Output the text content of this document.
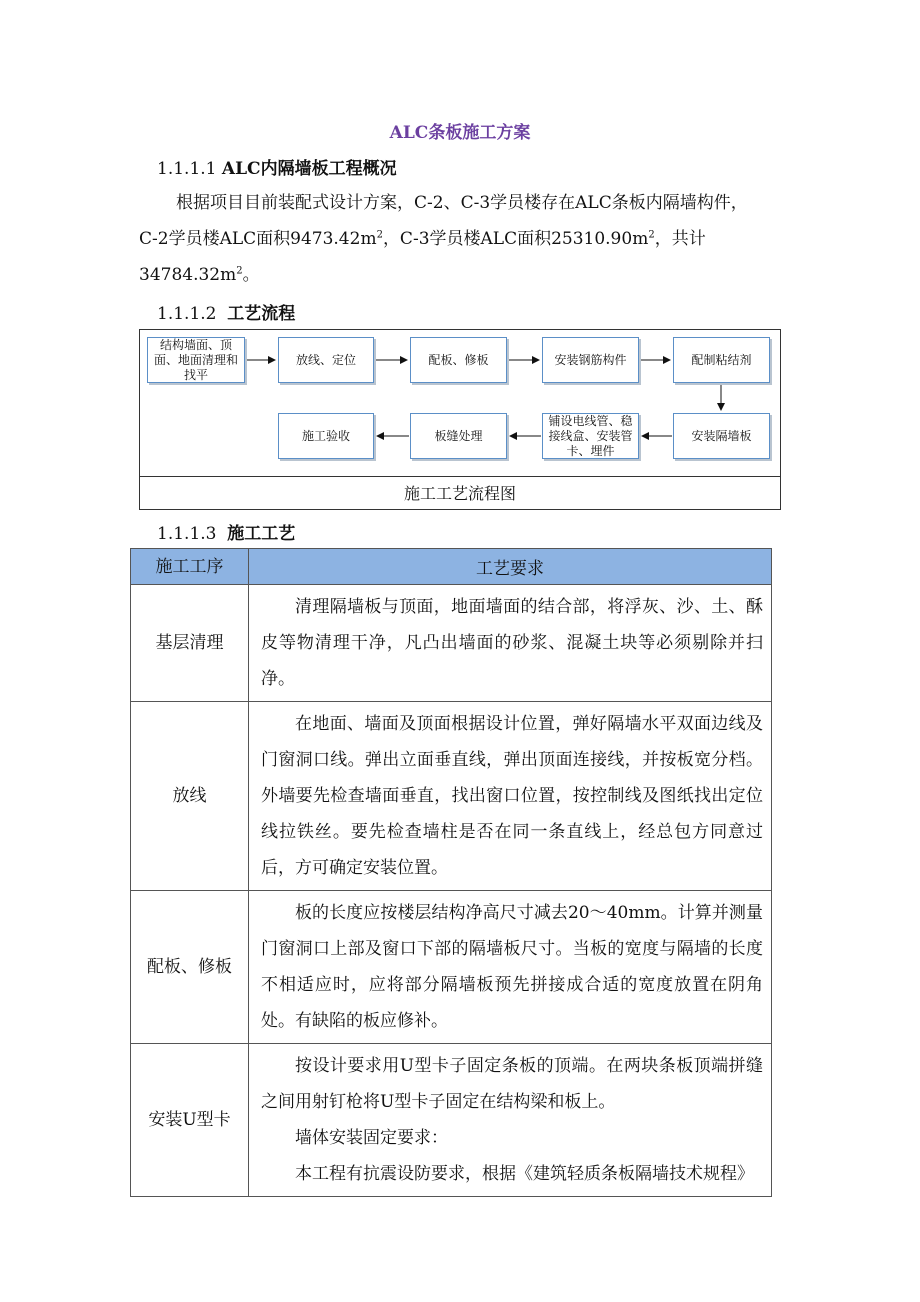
ALC条板施工方案
1.1.1.1 ALC内隔墙板工程概况
根据项目目前装配式设计方案，C-2、C-3学员楼存在ALC条板内隔墙构件，
C-2学员楼ALC面积$9473.42m^2$，C-3学员楼ALC面积$25310.90m^2$，共计
$34784.32m^2$。
1.1.1.2 工艺流程
结构墙面、顶面、地面清理和找平
放线、定位	配板、修板	安装钢筋构件	配制粘结剂
安装隔墙板
铺设电线管、稳接线盒、安装管卡、埋件
板缝处理
施工验收
施工工艺流程图
1.1.1.3 施工工艺
施工工序	工艺要求
基层清理	清理隔墙板与顶面，地面墙面的结合部，将浮灰、沙、土、酥皮等物清理干净，凡凸出墙面的砂浆、混凝土块等必须剔除并扫净。

放线	在地面、墙面及顶面根据设计位置，弹好隔墙水平双面边线及门窗洞口线。弹出立面垂直线，弹出顶面连接线，并按板宽分档。外墙要先检查墙面垂直，找出窗口位置，按控制线及图纸找出定位线拉铁丝。要先检查墙柱是否在同一条直线上，经总包方同意过后，方可确定安装位置。

配板、修板	板的长度应按楼层结构净高尺寸减去20～40mm。计算并测量门窗洞口上部及窗口下部的隔墙板尺寸。当板的宽度与隔墙的长度不相适应时，应将部分隔墙板预先拼接成合适的宽度放置在阴角处。有缺陷的板应修补。

安装U型卡	按设计要求用U型卡子固定条板的顶端。在两块条板顶端拼缝之间用射钉枪将U型卡子固定在结构梁和板上。

墙体安装固定要求：

本工程有抗震设防要求，根据《建筑轻质条板隔墙技术规程》
